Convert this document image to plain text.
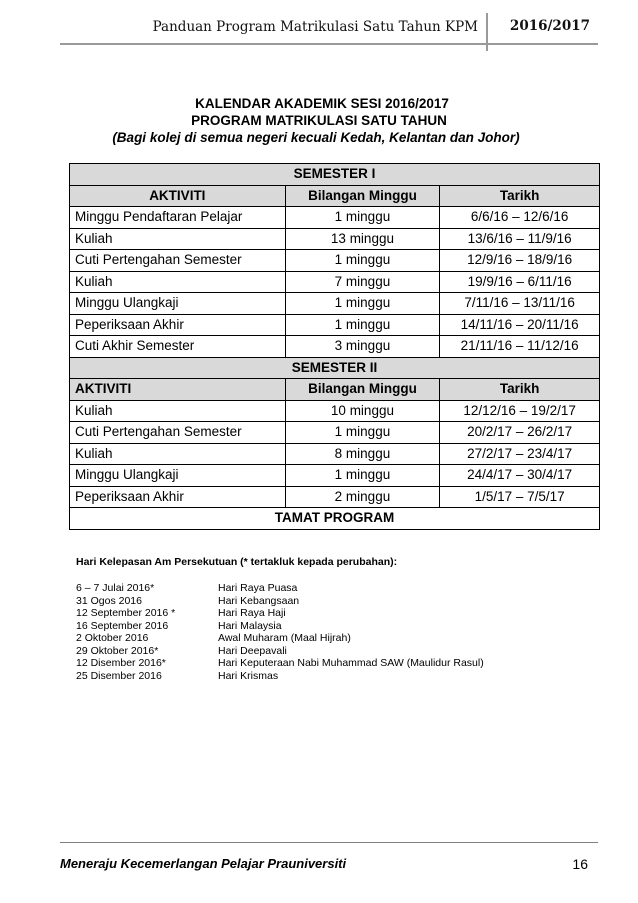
Panduan Program Matrikulasi Satu Tahun KPM 2016/2017
KALENDAR AKADEMIK SESI 2016/2017
PROGRAM MATRIKULASI SATU TAHUN
(Bagi kolej di semua negeri kecuali Kedah, Kelantan dan Johor)
SEMESTER I		
AKTIVITI	Bilangan Minggu	Tarikh
Minggu Pendaftaran Pelajar	1 minggu	6/6/16 – 12/6/16
Kuliah	13 minggu	13/6/16 – 11/9/16
Cuti Pertengahan Semester	1 minggu	12/9/16 – 18/9/16
Kuliah	7 minggu	19/9/16 – 6/11/16
Minggu Ulangkaji	1 minggu	7/11/16 – 13/11/16
Peperiksaan Akhir	1 minggu	14/11/16 – 20/11/16
Cuti Akhir Semester	3 minggu	21/11/16 – 11/12/16
SEMESTER II		
AKTIVITI	Bilangan Minggu	Tarikh
Kuliah	10 minggu	12/12/16 – 19/2/17
Cuti Pertengahan Semester	1 minggu	20/2/17 – 26/2/17
Kuliah	8 minggu	27/2/17 – 23/4/17
Minggu Ulangkaji	1 minggu	24/4/17 – 30/4/17
Peperiksaan Akhir	2 minggu	1/5/17 – 7/5/17
TAMAT PROGRAM		
Hari Kelepasan Am Persekutuan (* tertakluk kepada perubahan):
6 – 7 Julai 2016*	Hari Raya Puasa
31 Ogos 2016	Hari Kebangsaan
12 September 2016 *	Hari Raya Haji
16 September 2016	Hari Malaysia
2 Oktober 2016	Awal Muharam (Maal Hijrah)
29 Oktober 2016*	Hari Deepavali
12 Disember 2016*	Hari Keputeraan Nabi Muhammad SAW (Maulidur Rasul)
25 Disember 2016	Hari Krismas
Meneraju Kecemerlangan Pelajar Prauniversiti	16
